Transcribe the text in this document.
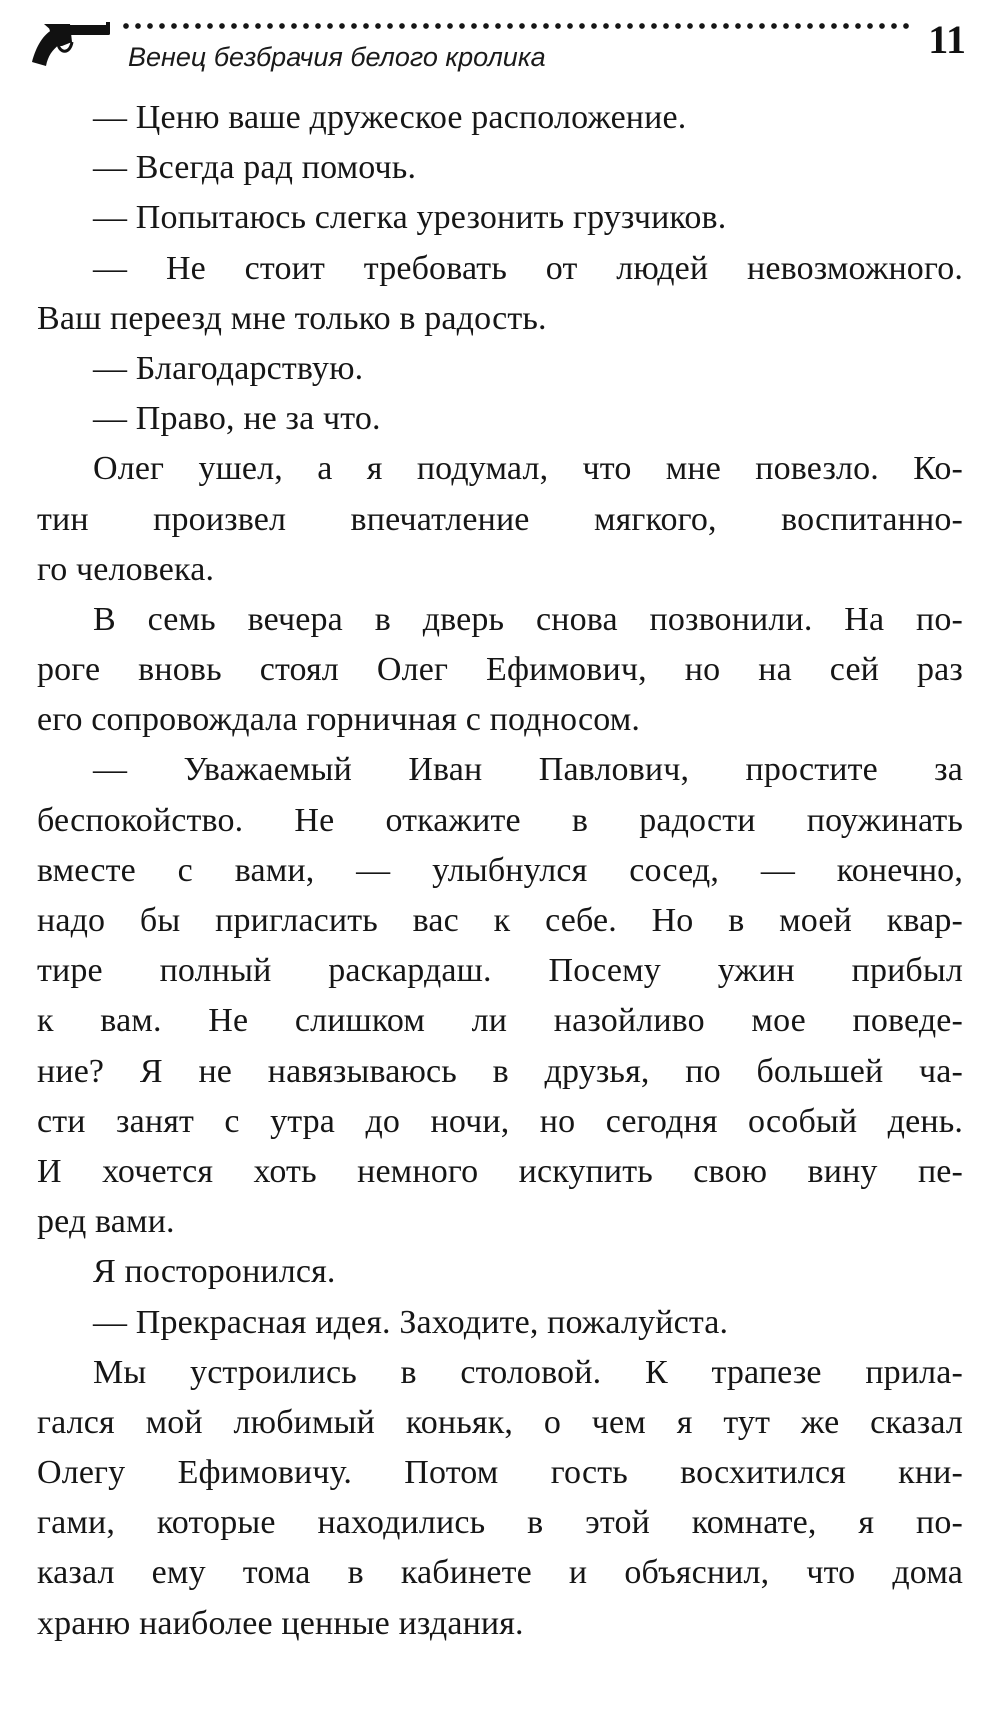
Венец безбрачия белого кролика	11
— Ценю ваше дружеское расположение.
— Всегда рад помочь.
— Попытаюсь слегка урезонить грузчиков.
— Не стоит требовать от людей невозможного.
Ваш переезд мне только в радость.
— Благодарствую.
— Право, не за что.
Олег ушел, а я подумал, что мне повезло. Ко-
тин произвел впечатление мягкого, воспитанно-
го человека.
В семь вечера в дверь снова позвонили. На по-
роге вновь стоял Олег Ефимович, но на сей раз
его сопровождала горничная с подносом.
— Уважаемый Иван Павлович, простите за
беспокойство. Не откажите в радости поужинать
вместе с вами, — улыбнулся сосед, — конечно,
надо бы пригласить вас к себе. Но в моей квар-
тире полный раскардаш. Посему ужин прибыл
к вам. Не слишком ли назойливо мое поведе-
ние? Я не навязываюсь в друзья, по большей ча-
сти занят с утра до ночи, но сегодня особый день.
И хочется хоть немного искупить свою вину пе-
ред вами.
Я посторонился.
— Прекрасная идея. Заходите, пожалуйста.
Мы устроились в столовой. К трапезе прила-
гался мой любимый коньяк, о чем я тут же сказал
Олегу Ефимовичу. Потом гость восхитился кни-
гами, которые находились в этой комнате, я по-
казал ему тома в кабинете и объяснил, что дома
храню наиболее ценные издания.
